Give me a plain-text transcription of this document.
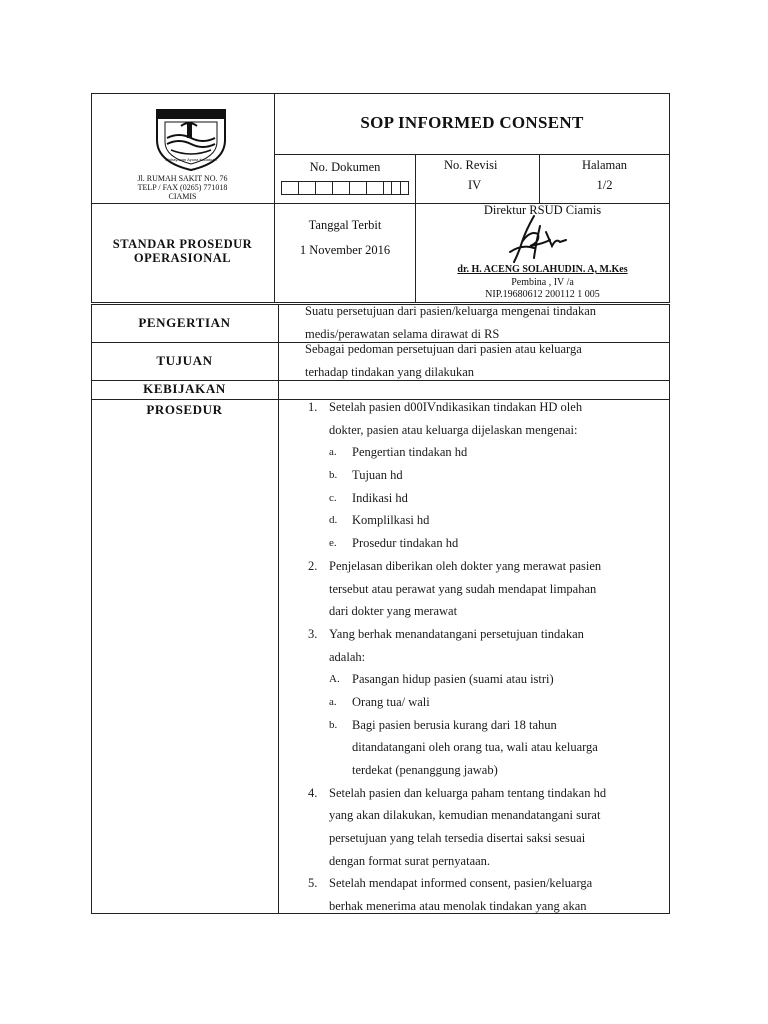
KAB. CIAMIS
Mahayunan Ayuna Kadatuan
Jl. RUMAH SAKIT NO. 76
TELP / FAX (0265) 771018
CIAMIS
SOP INFORMED CONSENT
No. Dokumen	No. Revisi
IV
Halaman
1/2
STANDAR PROSEDUR
OPERASIONAL
Tanggal Terbit
1 November 2016
Direktur RSUD Ciamis
dr. H. ACENG SOLAHUDIN. A, M.Kes
Pembina , IV /a
NIP.19680612 200112 1 005
PENGERTIAN
Suatu persetujuan dari pasien/keluarga mengenai tindakan
medis/perawatan selama dirawat di RS
TUJUAN
Sebagai pedoman persetujuan dari pasien atau keluarga
terhadap tindakan yang dilakukan
KEBIJAKAN
PROSEDUR	1. Setelah pasien d00IVndikasikan tindakan HD oleh
dokter, pasien atau keluarga dijelaskan mengenai:
a. Pengertian tindakan hd
b. Tujuan hd
c. Indikasi hd
d. Komplilkasi hd
e. Prosedur tindakan hd
2. Penjelasan diberikan oleh dokter yang merawat pasien
tersebut atau perawat yang sudah mendapat limpahan
dari dokter yang merawat
3. Yang berhak menandatangani persetujuan tindakan
adalah:
A. Pasangan hidup pasien (suami atau istri)
a. Orang tua/ wali
b. Bagi pasien berusia kurang dari 18 tahun
ditandatangani oleh orang tua, wali atau keluarga
terdekat (penanggung jawab)
4. Setelah pasien dan keluarga paham tentang tindakan hd
yang akan dilakukan, kemudian menandatangani surat
persetujuan yang telah tersedia disertai saksi sesuai
dengan format surat pernyataan.
5. Setelah mendapat informed consent, pasien/keluarga
berhak menerima atau menolak tindakan yang akan
